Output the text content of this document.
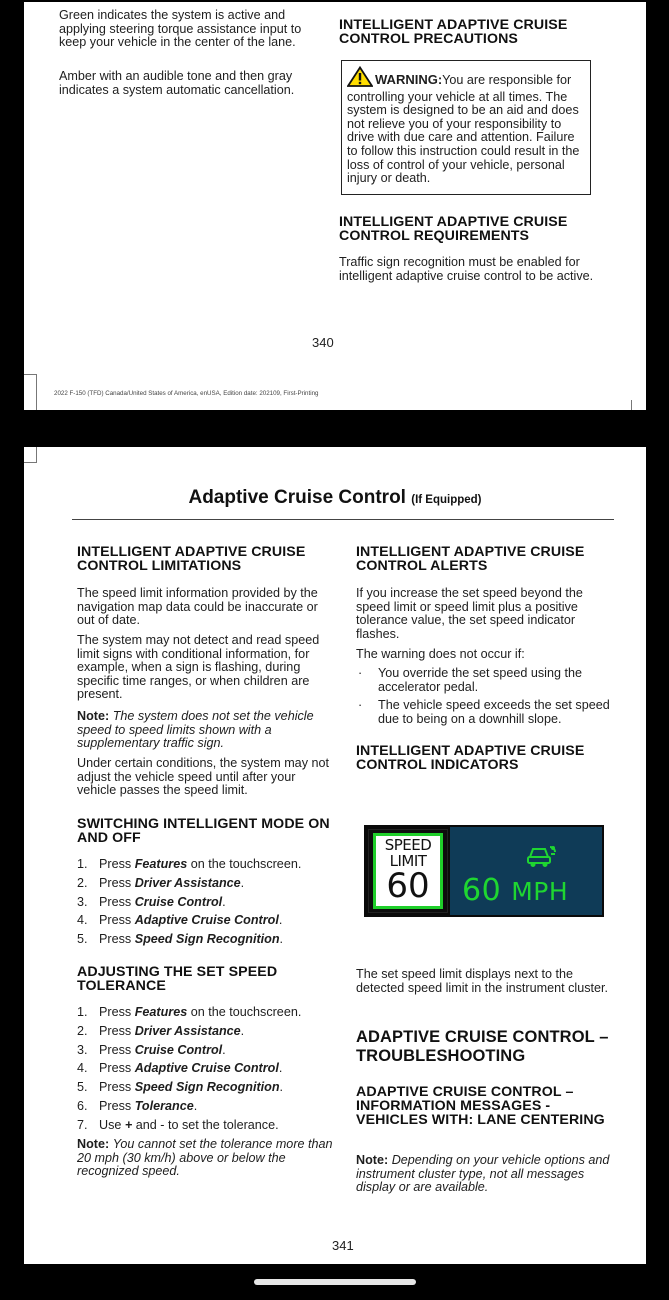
Green indicates the system is active and applying steering torque assistance input to keep your vehicle in the center of the lane.
Amber with an audible tone and then gray indicates a system automatic cancellation.
INTELLIGENT ADAPTIVE CRUISE CONTROL PRECAUTIONS
WARNING:You are responsible for controlling your vehicle at all times. The system is designed to be an aid and does not relieve you of your responsibility to drive with due care and attention. Failure to follow this instruction could result in the loss of control of your vehicle, personal injury or death.
INTELLIGENT ADAPTIVE CRUISE CONTROL REQUIREMENTS
Traffic sign recognition must be enabled for intelligent adaptive cruise control to be active.
340
2022 F-150 (TFD) Canada/United States of America, enUSA, Edition date: 202109, First-Printing
Adaptive Cruise Control (If Equipped)
INTELLIGENT ADAPTIVE CRUISE CONTROL LIMITATIONS
The speed limit information provided by the navigation map data could be inaccurate or out of date.
The system may not detect and read speed limit signs with conditional information, for example, when a sign is flashing, during specific time ranges, or when children are present.
Note: The system does not set the vehicle speed to speed limits shown with a supplementary traffic sign.
Under certain conditions, the system may not adjust the vehicle speed until after your vehicle passes the speed limit.
SWITCHING INTELLIGENT MODE ON AND OFF
1. Press Features on the touchscreen.
2. Press Driver Assistance.
3. Press Cruise Control.
4. Press Adaptive Cruise Control.
5. Press Speed Sign Recognition.
ADJUSTING THE SET SPEED TOLERANCE
1. Press Features on the touchscreen.
2. Press Driver Assistance.
3. Press Cruise Control.
4. Press Adaptive Cruise Control.
5. Press Speed Sign Recognition.
6. Press Tolerance.
7. Use + and - to set the tolerance.
Note: You cannot set the tolerance more than 20 mph (30 km/h) above or below the recognized speed.
INTELLIGENT ADAPTIVE CRUISE CONTROL ALERTS
If you increase the set speed beyond the speed limit or speed limit plus a positive tolerance value, the set speed indicator flashes.
The warning does not occur if:
· You override the set speed using the accelerator pedal.
· The vehicle speed exceeds the set speed due to being on a downhill slope.
INTELLIGENT ADAPTIVE CRUISE CONTROL INDICATORS
SPEED
LIMIT
60	60 MPH
The set speed limit displays next to the detected speed limit in the instrument cluster.
ADAPTIVE CRUISE CONTROL – TROUBLESHOOTING
ADAPTIVE CRUISE CONTROL – INFORMATION MESSAGES - VEHICLES WITH: LANE CENTERING
Note: Depending on your vehicle options and instrument cluster type, not all messages display or are available.
341
